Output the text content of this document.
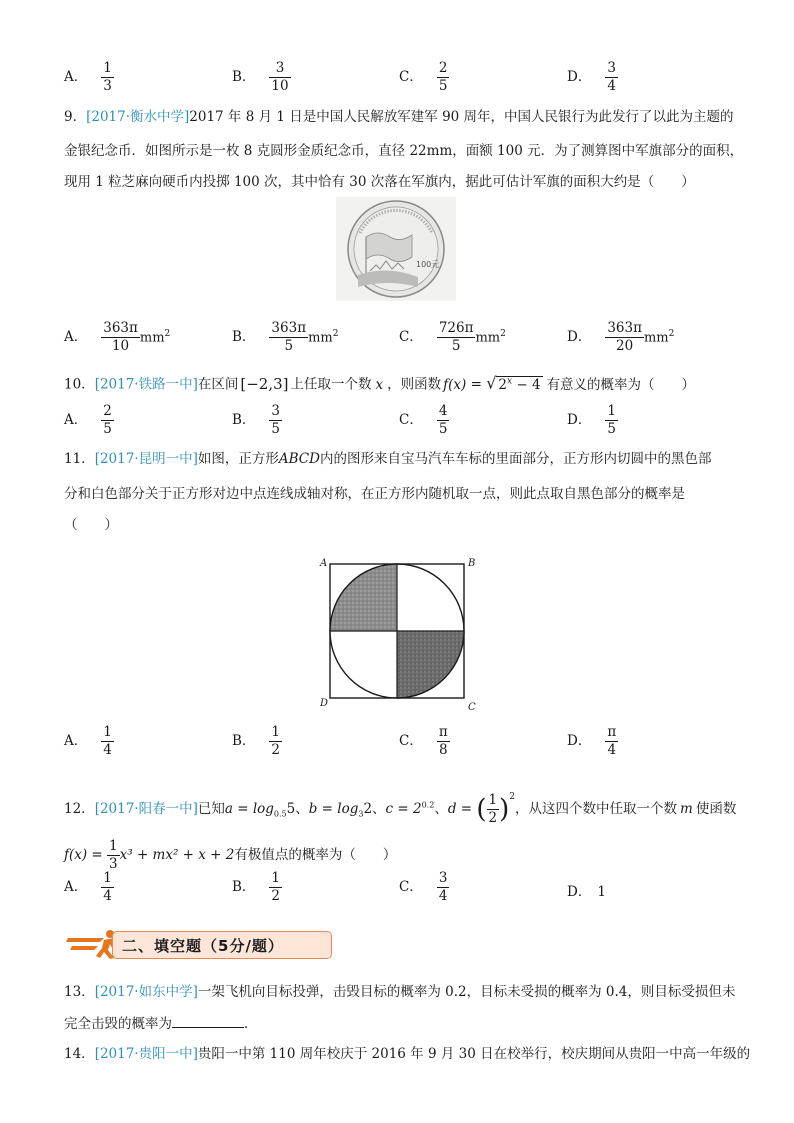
A． $\frac{1}{3}$	B． $\frac{3}{10}$	C． $\frac{2}{5}$	D． $\frac{3}{4}$
9．[2017·衡水中学]2017 年 8 月 1 日是中国人民解放军建军 90 周年，中国人民银行为此发行了以此为主题的
金银纪念币．如图所示是一枚 8 克圆形金质纪念币，直径 22mm，面额 100 元．为了测算图中军旗部分的面积，
现用 1 粒芝麻向硬币内投掷 100 次，其中恰有 30 次落在军旗内，据此可估计军旗的面积大约是（　　）
100元
A． $\frac{363\pi}{10} mm^2$	B． $\frac{363\pi}{5} mm^2$	C． $\frac{726\pi}{5} mm^2$	D． $\frac{363\pi}{20} mm^2$
10．[2017·铁路一中]在区间 [−2,3] 上任取一个数 x ，则函数 f(x) = √ $2^x - 4$ 有意义的概率为（　　）
A． $\frac{2}{5}$	B． $\frac{3}{5}$	C． $\frac{4}{5}$	D． $\frac{1}{5}$
11．[2017·昆明一中]如图，正方形ABCD内的图形来自宝马汽车车标的里面部分，正方形内切圆中的黑色部
分和白色部分关于正方形对边中点连线成轴对称，在正方形内随机取一点，则此点取自黑色部分的概率是
（　　）
A	B
C
D
A． $\frac{1}{4}$	B． $\frac{1}{2}$	C． $\frac{\pi}{8}$	D． $\frac{\pi}{4}$
12．[2017·阳春一中]已知$a = \log_{0.5}5$、$b = \log_32$、$c = 2^{0.2}$、d = ( $\frac{1}{2} )^2$，从这四个数中任取一个数 m 使函数
$f(x) = \frac{1}{3} x^3 + mx^2 + x + 2$有极值点的概率为（　　）
A． $\frac{1}{4}$	B． $\frac{1}{2}$	C． $\frac{3}{4}$	D． 1
二、填空题（5分/题）
13．[2017·如东中学]一架飞机向目标投弹，击毁目标的概率为 0.2，目标未受损的概率为 0.4，则目标受损但未
完全击毁的概率为	．
14．[2017·贵阳一中]贵阳一中第 110 周年校庆于 2016 年 9 月 30 日在校举行，校庆期间从贵阳一中高一年级的
